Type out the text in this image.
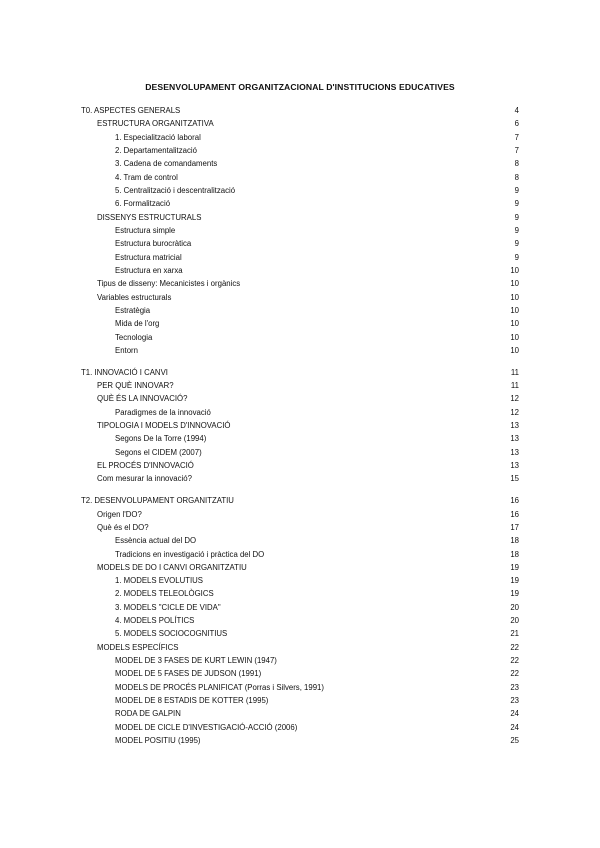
DESENVOLUPAMENT ORGANITZACIONAL D'INSTITUCIONS EDUCATIVES
T0. ASPECTES GENERALS	4
ESTRUCTURA ORGANITZATIVA	6
1. Especialització laboral	7
2. Departamentalització	7
3. Cadena de comandaments	8
4. Tram de control	8
5. Centralització i descentralització	9
6. Formalització	9
DISSENYS ESTRUCTURALS	9
Estructura simple	9
Estructura burocràtica	9
Estructura matricial	9
Estructura en xarxa	10
Tipus de disseny: Mecanicistes i orgànics	10
Variables estructurals	10
Estratègia	10
Mida de l'org	10
Tecnologia	10
Entorn	10
T1. INNOVACIÓ I CANVI	11
PER QUÈ INNOVAR?	11
QUÈ ÉS LA INNOVACIÓ?	12
Paradigmes de la innovació	12
TIPOLOGIA I MODELS D'INNOVACIÓ	13
Segons De la Torre (1994)	13
Segons el CIDEM (2007)	13
EL PROCÉS D'INNOVACIÓ	13
Com mesurar la innovació?	15
T2. DESENVOLUPAMENT ORGANITZATIU	16
Origen l'DO?	16
Què és el DO?	17
Essència actual del DO	18
Tradicions en investigació i pràctica del DO	18
MODELS DE DO I CANVI ORGANITZATIU	19
1. MODELS EVOLUTIUS	19
2. MODELS TELEOLÒGICS	19
3. MODELS "CICLE DE VIDA"	20
4. MODELS POLÍTICS	20
5. MODELS SOCIOCOGNITIUS	21
MODELS ESPECÍFICS	22
MODEL DE 3 FASES DE KURT LEWIN (1947)	22
MODEL DE 5 FASES DE JUDSON (1991)	22
MODELS DE PROCÉS PLANIFICAT (Porras i Silvers, 1991)	23
MODEL DE 8 ESTADIS DE KOTTER (1995)	23
RODA DE GALPIN	24
MODEL DE CICLE D'INVESTIGACIÓ-ACCIÓ (2006)	24
MODEL POSITIU (1995)	25
